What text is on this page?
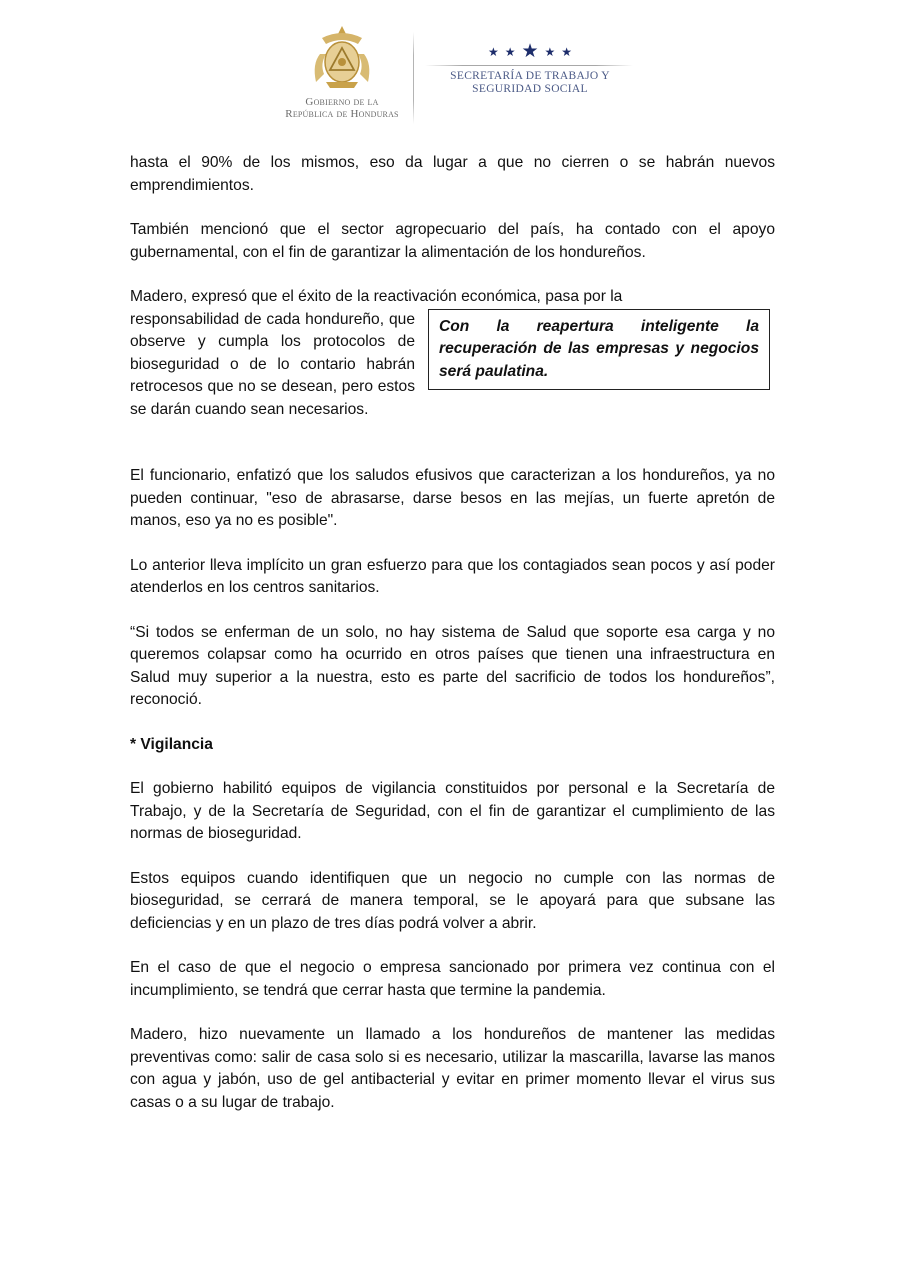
Gobierno de la
República de Honduras
★ ★ ★ ★ ★
SECRETARÍA DE TRABAJO Y
SEGURIDAD SOCIAL

hasta el 90% de los mismos, eso da lugar a que no cierren o se habrán nuevos emprendimientos.

También mencionó que el sector agropecuario del país, ha contado con el apoyo gubernamental, con el fin de garantizar la alimentación de los hondureños.

Madero, expresó que el éxito de la reactivación económica, pasa por la

responsabilidad de cada hondureño, que observe y cumpla los protocolos de bioseguridad o de lo contario habrán retrocesos que no se desean, pero estos se darán cuando sean necesarios.

Con la reapertura inteligente la recuperación de las empresas y negocios será paulatina.

El funcionario, enfatizó que los saludos efusivos que caracterizan a los hondureños, ya no pueden continuar, "eso de abrasarse, darse besos en las mejías, un fuerte apretón de manos, eso ya no es posible".

Lo anterior lleva implícito un gran esfuerzo para que los contagiados sean pocos y así poder atenderlos en los centros sanitarios.

“Si todos se enferman de un solo, no hay sistema de Salud que soporte esa carga y no queremos colapsar como ha ocurrido en otros países que tienen una infraestructura en Salud muy superior a la nuestra, esto es parte del sacrificio de todos los hondureños”, reconoció.

* Vigilancia

El gobierno habilitó equipos de vigilancia constituidos por personal e la Secretaría de Trabajo, y de la Secretaría de Seguridad, con el fin de garantizar el cumplimiento de las normas de bioseguridad.

Estos equipos cuando identifiquen que un negocio no cumple con las normas de bioseguridad, se cerrará de manera temporal, se le apoyará para que subsane las deficiencias y en un plazo de tres días podrá volver a abrir.

En el caso de que el negocio o empresa sancionado por primera vez continua con el incumplimiento, se tendrá que cerrar hasta que termine la pandemia.

Madero, hizo nuevamente un llamado a los hondureños de mantener las medidas preventivas como: salir de casa solo si es necesario, utilizar la mascarilla, lavarse las manos con agua y jabón, uso de gel antibacterial y evitar en primer momento llevar el virus sus casas o a su lugar de trabajo.
